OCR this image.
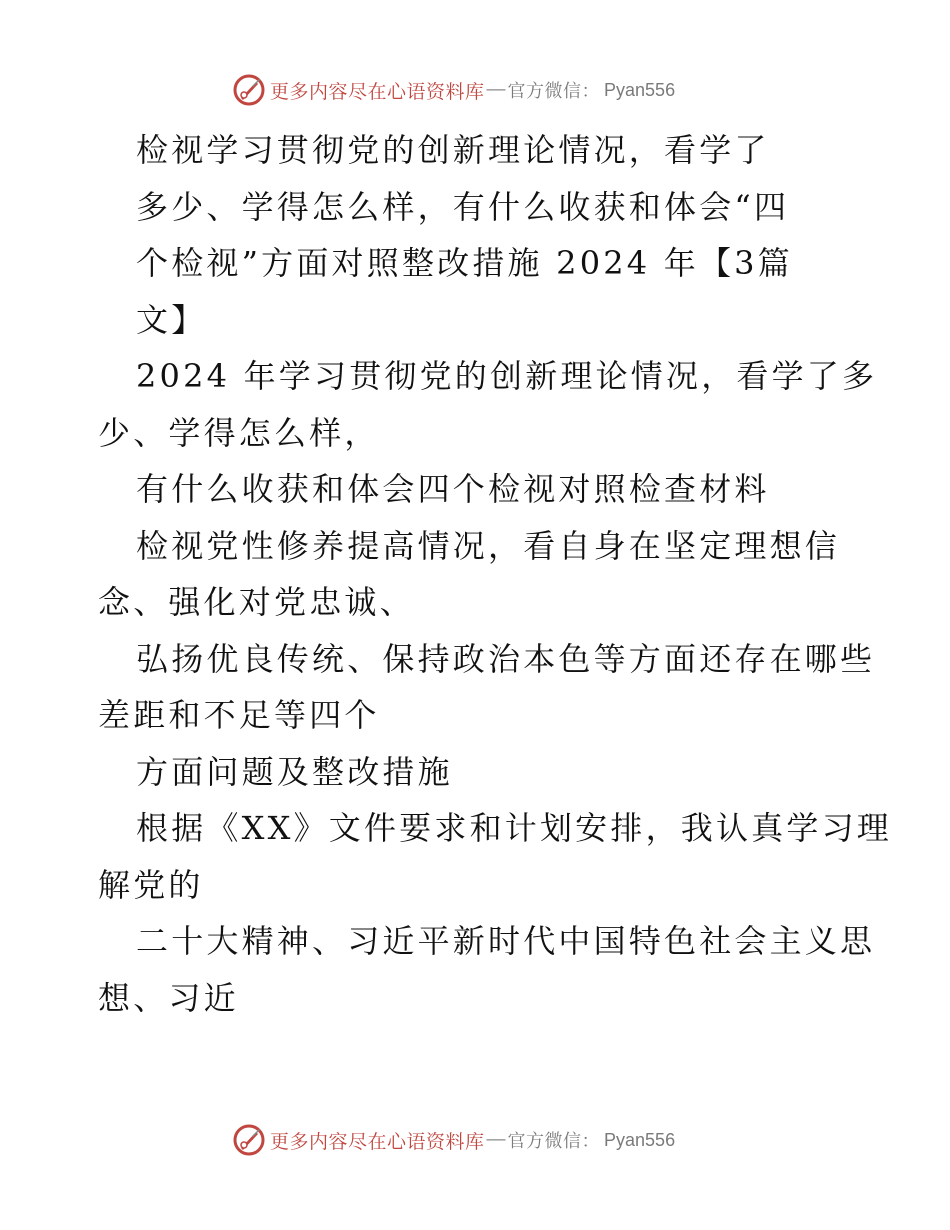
更多内容尽在心语资料库 — 官方微信： Pyan556
检视学习贯彻党的创新理论情况，看学了
多少、学得怎么样，有什么收获和体会“四
个检视”方面对照整改措施 2024 年【3篇
文】
2024 年学习贯彻党的创新理论情况，看学了多
少、学得怎么样，
有什么收获和体会四个检视对照检查材料
检视党性修养提高情况，看自身在坚定理想信
念、强化对党忠诚、
弘扬优良传统、保持政治本色等方面还存在哪些
差距和不足等四个
方面问题及整改措施
根据《XX》文件要求和计划安排，我认真学习理
解党的
二十大精神、习近平新时代中国特色社会主义思
想、习近
更多内容尽在心语资料库 — 官方微信： Pyan556
